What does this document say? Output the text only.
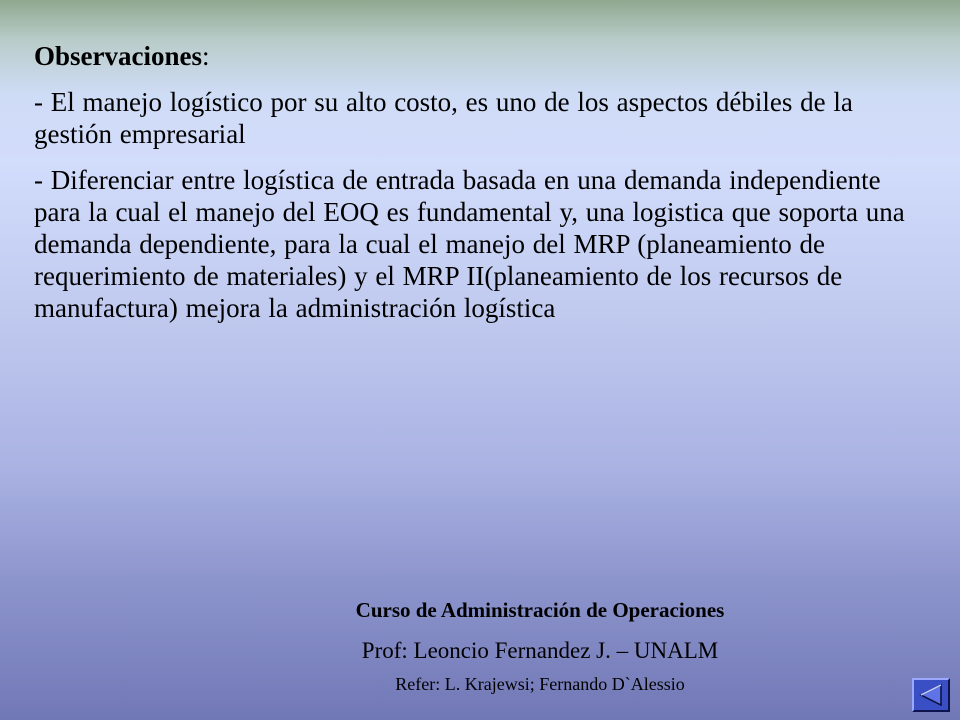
Observaciones:

- El manejo logístico por su alto costo, es uno de los aspectos débiles de la gestión empresarial

- Diferenciar entre logística de entrada basada en una demanda independiente para la cual el manejo del EOQ es fundamental y, una logistica que soporta una demanda dependiente, para la cual el manejo del MRP (planeamiento de requerimiento de materiales) y el MRP II(planeamiento de los recursos de manufactura) mejora la administración logística

Curso de Administración de Operaciones
Prof: Leoncio Fernandez J. – UNALM
Refer: L. Krajewsi; Fernando D`Alessio
